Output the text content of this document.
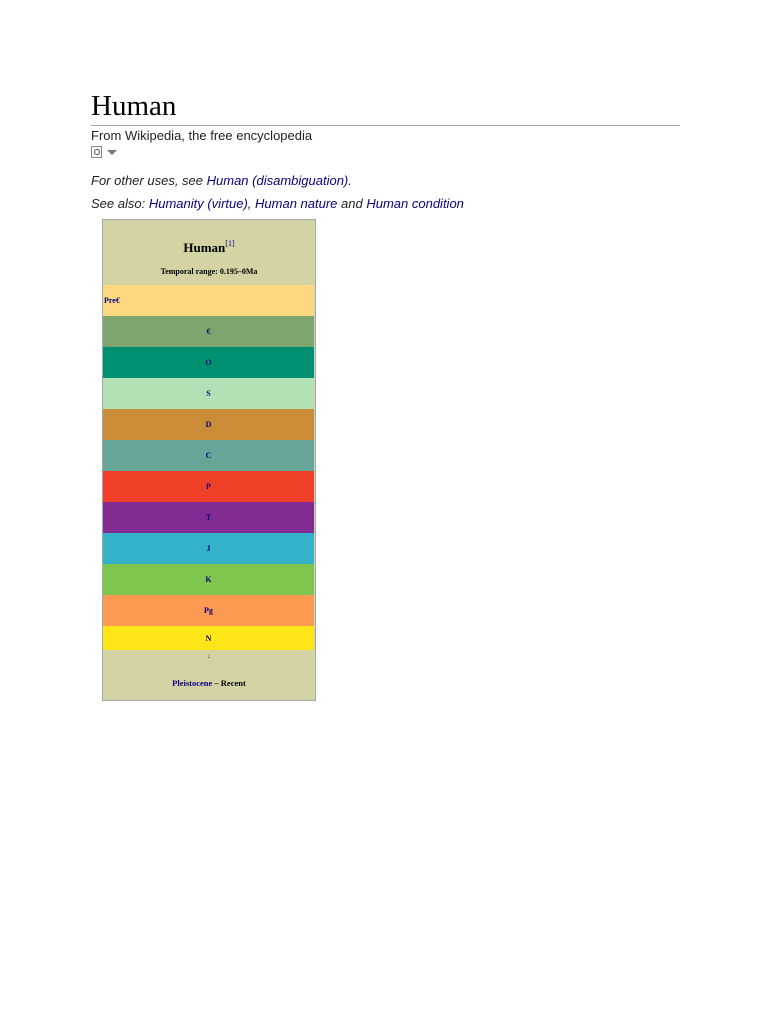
Human
From Wikipedia, the free encyclopedia
For other uses, see Human (disambiguation).
See also: Humanity (virtue), Human nature and Human condition
Human[1]
Temporal range: 0.195–0Ma
Pre€
€
O
S
D
C
P
T
J
K
Pg
N
↓
Pleistocene – Recent
